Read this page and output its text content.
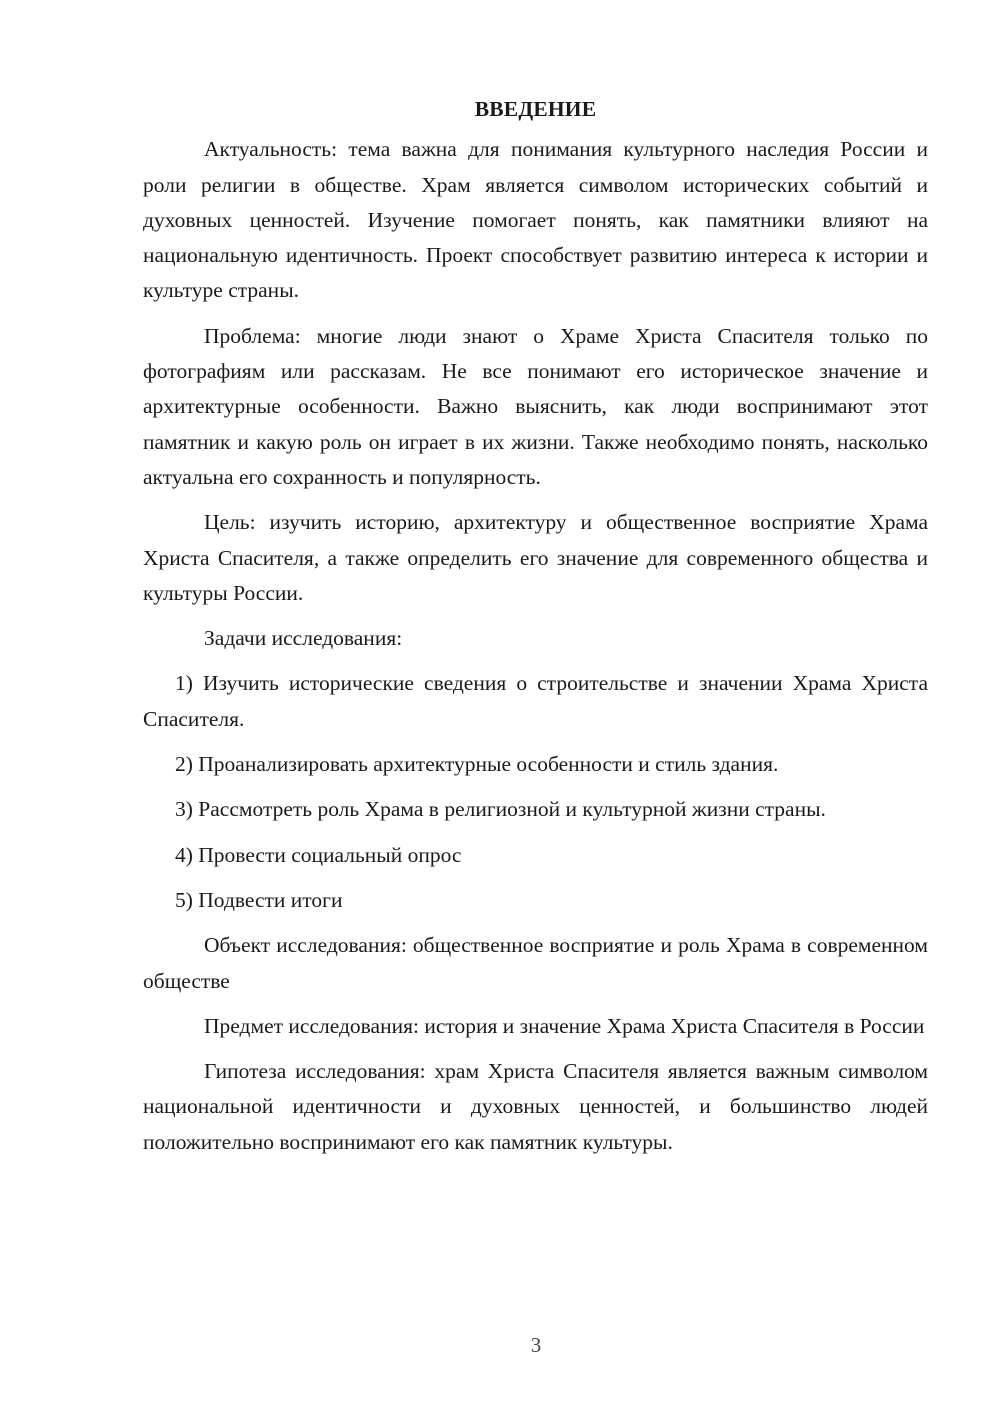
ВВЕДЕНИЕ

Актуальность: тема важна для понимания культурного наследия России и роли религии в обществе. Храм является символом исторических событий и духовных ценностей. Изучение помогает понять, как памятники влияют на национальную идентичность. Проект способствует развитию интереса к истории и культуре страны.

Проблема: многие люди знают о Храме Христа Спасителя только по фотографиям или рассказам. Не все понимают его историческое значение и архитектурные особенности. Важно выяснить, как люди воспринимают этот памятник и какую роль он играет в их жизни. Также необходимо понять, насколько актуальна его сохранность и популярность.

Цель: изучить историю, архитектуру и общественное восприятие Храма Христа Спасителя, а также определить его значение для современного общества и культуры России.

Задачи исследования:

1) Изучить исторические сведения о строительстве и значении Храма Христа Спасителя.

2) Проанализировать архитектурные особенности и стиль здания.

3) Рассмотреть роль Храма в религиозной и культурной жизни страны.

4) Провести социальный опрос

5) Подвести итоги

Объект исследования: общественное восприятие и роль Храма в современном обществе

Предмет исследования: история и значение Храма Христа Спасителя в России

Гипотеза исследования: храм Христа Спасителя является важным символом национальной идентичности и духовных ценностей, и большинство людей положительно воспринимают его как памятник культуры.

3
